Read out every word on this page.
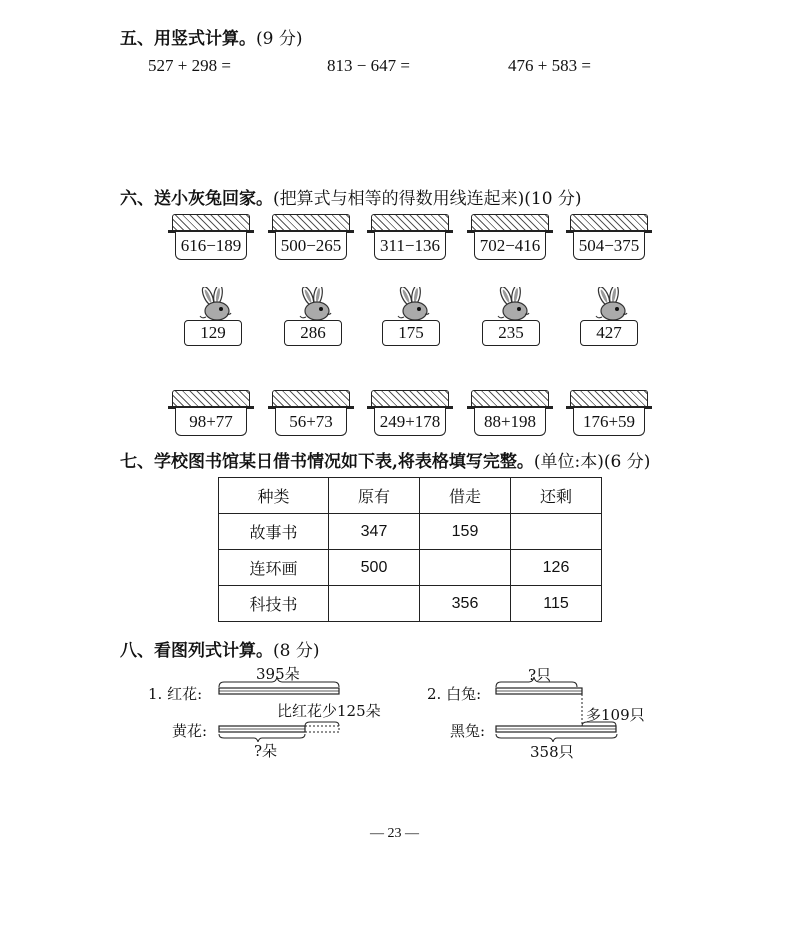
五、用竖式计算。(9 分)
527 + 298 =	813 − 647 =	476 + 583 =
六、送小灰兔回家。(把算式与相等的得数用线连起来)(10 分)
616−189	500−265	311−136	702−416	504−375
129	286	175	235	427
98+77	56+73	249+178	88+198	176+59
七、学校图书馆某日借书情况如下表,将表格填写完整。(单位:本)(6 分)
种类	原有	借走	还剩
故事书	347	159	
连环画	500		126
科技书		356	115
八、看图列式计算。(8 分)
1. 红花:
黄花:
395朵
比红花少125朵
?朵
2. 白兔:
黑兔:
?只
多109只
358只
— 23 —
